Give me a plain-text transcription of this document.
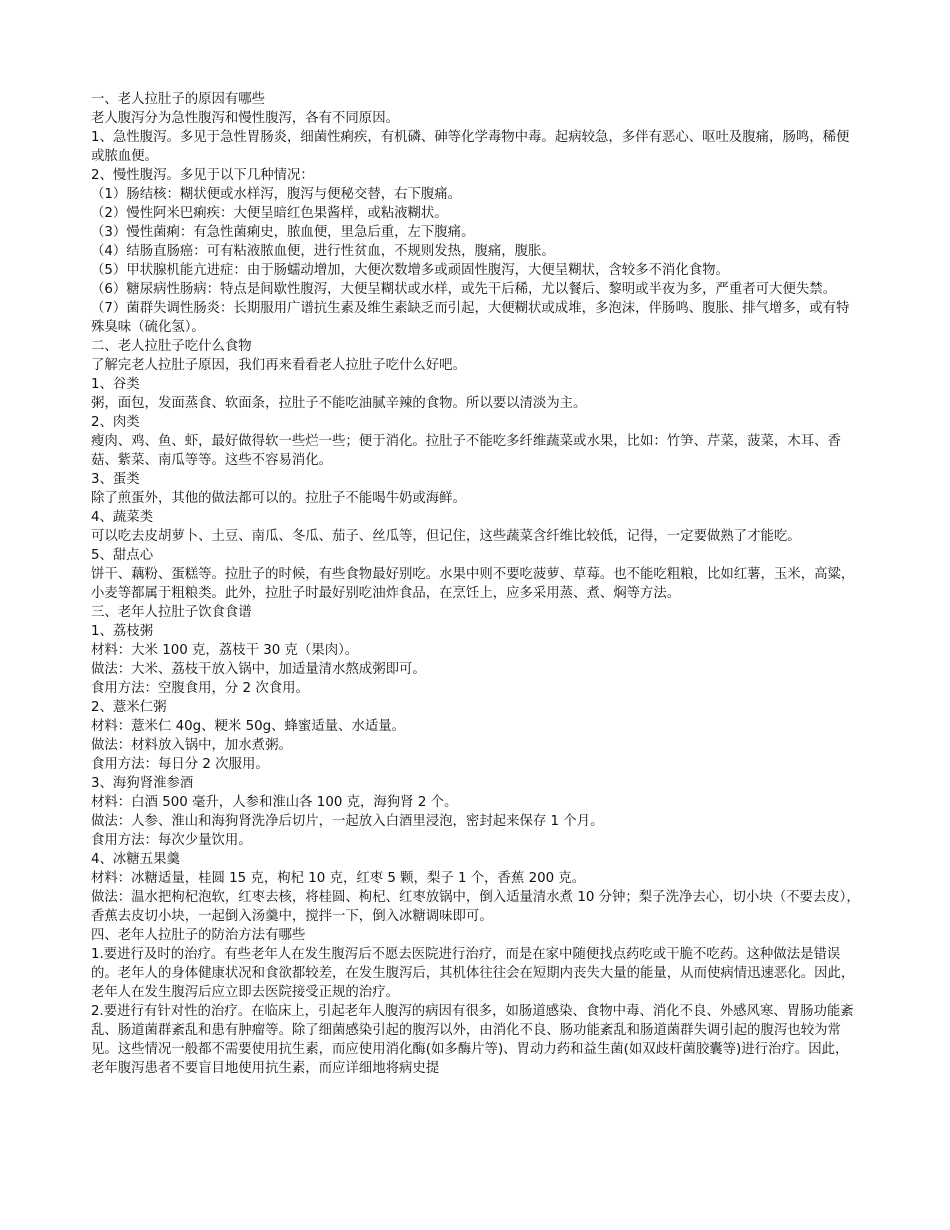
一、老人拉肚子的原因有哪些

老人腹泻分为急性腹泻和慢性腹泻，各有不同原因。

1、急性腹泻。多见于急性胃肠炎，细菌性痢疾，有机磷、砷等化学毒物中毒。起病较急，多伴有恶心、呕吐及腹痛，肠鸣，稀便或脓血便。

2、慢性腹泻。多见于以下几种情况：

（1）肠结核：糊状便或水样泻，腹泻与便秘交替，右下腹痛。

（2）慢性阿米巴痢疾：大便呈暗红色果酱样，或粘液糊状。

（3）慢性菌痢：有急性菌痢史，脓血便，里急后重，左下腹痛。

（4）结肠直肠癌：可有粘液脓血便，进行性贫血，不规则发热，腹痛，腹胀。

（5）甲状腺机能亢进症：由于肠蠕动增加，大便次数增多或顽固性腹泻，大便呈糊状，含较多不消化食物。

（6）糖尿病性肠病：特点是间歇性腹泻，大便呈糊状或水样，或先干后稀，尤以餐后、黎明或半夜为多，严重者可大便失禁。

（7）菌群失调性肠炎：长期服用广谱抗生素及维生素缺乏而引起，大便糊状或成堆，多泡沫，伴肠鸣、腹胀、排气增多，或有特殊臭味（硫化氢）。

二、老人拉肚子吃什么食物

了解完老人拉肚子原因，我们再来看看老人拉肚子吃什么好吧。

1、谷类

粥，面包，发面蒸食、软面条，拉肚子不能吃油腻辛辣的食物。所以要以清淡为主。

2、肉类

瘦肉、鸡、鱼、虾，最好做得软一些烂一些；便于消化。拉肚子不能吃多纤维蔬菜或水果，比如：竹笋、芹菜，菠菜，木耳、香菇、紫菜、南瓜等等。这些不容易消化。

3、蛋类

除了煎蛋外，其他的做法都可以的。拉肚子不能喝牛奶或海鲜。

4、蔬菜类

可以吃去皮胡萝卜、土豆、南瓜、冬瓜、茄子、丝瓜等，但记住，这些蔬菜含纤维比较低，记得，一定要做熟了才能吃。

5、甜点心

饼干、藕粉、蛋糕等。拉肚子的时候，有些食物最好别吃。水果中则不要吃菠萝、草莓。也不能吃粗粮，比如红薯，玉米，高粱，小麦等都属于粗粮类。此外，拉肚子时最好别吃油炸食品，在烹饪上，应多采用蒸、煮、焖等方法。

三、老年人拉肚子饮食食谱

1、荔枝粥

材料：大米 100 克，荔枝干 30 克（果肉）。

做法：大米、荔枝干放入锅中，加适量清水熬成粥即可。

食用方法：空腹食用，分 2 次食用。

2、薏米仁粥

材料：薏米仁 40g、粳米 50g、蜂蜜适量、水适量。

做法：材料放入锅中，加水煮粥。

食用方法：每日分 2 次服用。

3、海狗肾淮参酒

材料：白酒 500 毫升，人参和淮山各 100 克，海狗肾 2 个。

做法：人参、淮山和海狗肾洗净后切片，一起放入白酒里浸泡，密封起来保存 1 个月。

食用方法：每次少量饮用。

4、冰糖五果羹

材料：冰糖适量，桂圆 15 克，枸杞 10 克，红枣 5 颗，梨子 1 个，香蕉 200 克。

做法：温水把枸杞泡软，红枣去核，将桂圆、枸杞、红枣放锅中，倒入适量清水煮 10 分钟；梨子洗净去心，切小块（不要去皮），香蕉去皮切小块，一起倒入汤羹中，搅拌一下，倒入冰糖调味即可。

四、老年人拉肚子的防治方法有哪些

1.要进行及时的治疗。有些老年人在发生腹泻后不愿去医院进行治疗，而是在家中随便找点药吃或干脆不吃药。这种做法是错误的。老年人的身体健康状况和食欲都较差，在发生腹泻后，其机体往往会在短期内丧失大量的能量，从而使病情迅速恶化。因此，老年人在发生腹泻后应立即去医院接受正规的治疗。

2.要进行有针对性的治疗。在临床上，引起老年人腹泻的病因有很多，如肠道感染、食物中毒、消化不良、外感风寒、胃肠功能紊乱、肠道菌群紊乱和患有肿瘤等。除了细菌感染引起的腹泻以外，由消化不良、肠功能紊乱和肠道菌群失调引起的腹泻也较为常见。这些情况一般都不需要使用抗生素，而应使用消化酶(如多酶片等)、胃动力药和益生菌(如双歧杆菌胶囊等)进行治疗。因此，老年腹泻患者不要盲目地使用抗生素，而应详细地将病史提
